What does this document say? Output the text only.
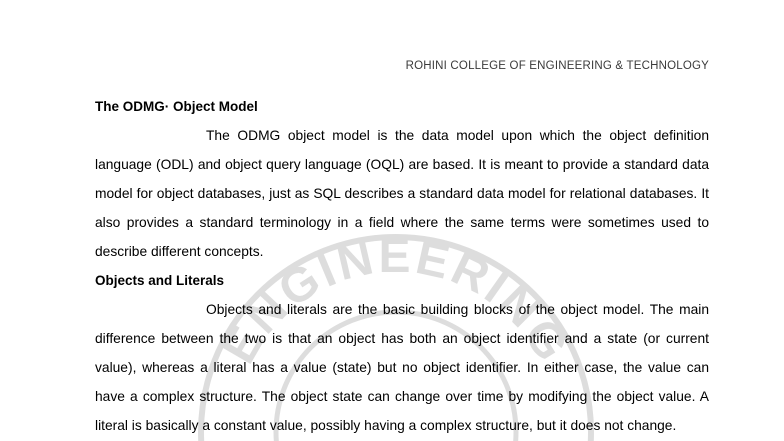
ENGINEERING
ROHINI COLLEGE OF ENGINEERING & TECHNOLOGY

The ODMG· Object Model

The ODMG object model is the data model upon which the object definition language (ODL) and object query language (OQL) are based. It is meant to provide a standard data model for object databases, just as SQL describes a standard data model for relational databases. It also provides a standard terminology in a field where the same terms were sometimes used to describe different concepts.

Objects and Literals

Objects and literals are the basic building blocks of the object model. The main difference between the two is that an object has both an object identifier and a state (or current value), whereas a literal has a value (state) but no object identifier. In either case, the value can have a complex structure. The object state can change over time by modifying the object value. A literal is basically a constant value, possibly having a complex structure, but it does not change.
